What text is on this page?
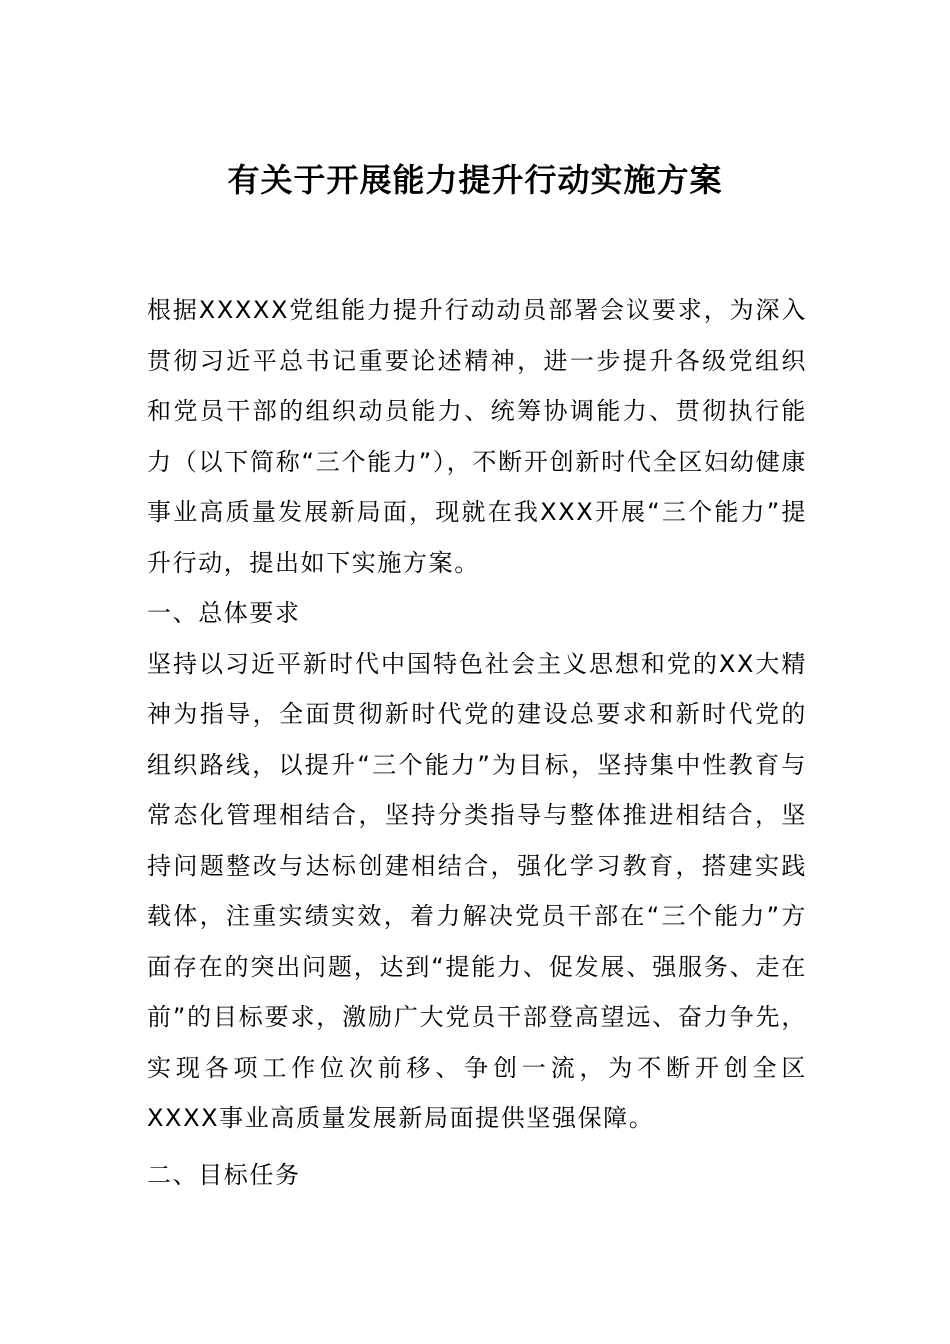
有关于开展能力提升行动实施方案

根据XXXXX党组能力提升行动动员部署会议要求，为深入贯彻习近平总书记重要论述精神，进一步提升各级党组织和党员干部的组织动员能力、统筹协调能力、贯彻执行能力（以下简称“三个能力”），不断开创新时代全区妇幼健康事业高质量发展新局面，现就在我XXX开展“三个能力”提升行动，提出如下实施方案。

一、总体要求

坚持以习近平新时代中国特色社会主义思想和党的XX大精神为指导，全面贯彻新时代党的建设总要求和新时代党的组织路线，以提升“三个能力”为目标，坚持集中性教育与常态化管理相结合，坚持分类指导与整体推进相结合，坚持问题整改与达标创建相结合，强化学习教育，搭建实践载体，注重实绩实效，着力解决党员干部在“三个能力”方面存在的突出问题，达到“提能力、促发展、强服务、走在前”的目标要求，激励广大党员干部登高望远、奋力争先，实现各项工作位次前移、争创一流，为不断开创全区XXXX事业高质量发展新局面提供坚强保障。

二、目标任务
